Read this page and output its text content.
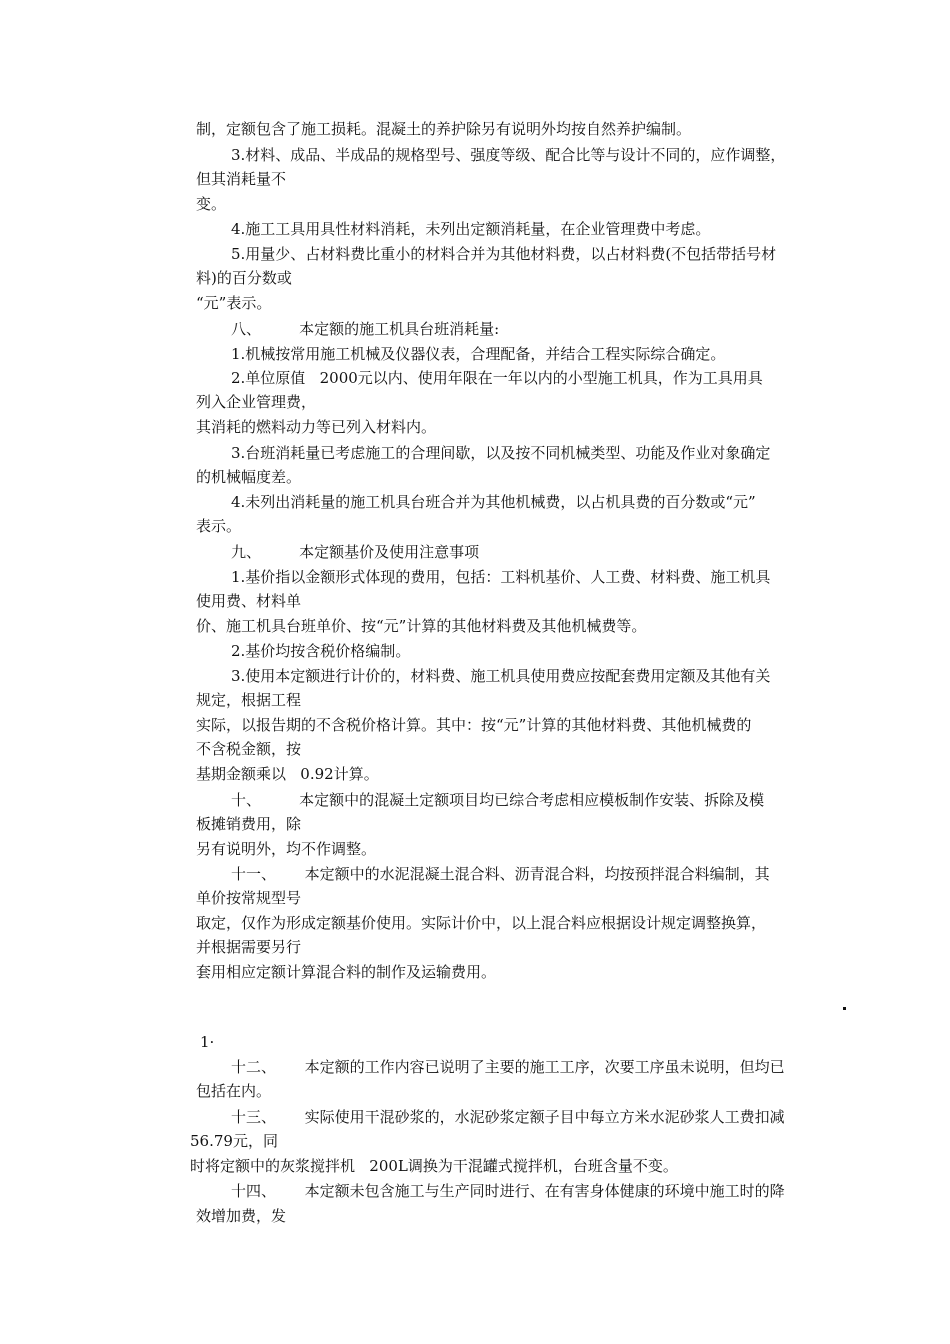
制，定额包含了施工损耗。混凝土的养护除另有说明外均按自然养护编制。
3.材料、成品、半成品的规格型号、强度等级、配合比等与设计不同的，应作调整，
但其消耗量不
变。
4.施工工具用具性材料消耗，未列出定额消耗量，在企业管理费中考虑。
5.用量少、占材料费比重小的材料合并为其他材料费，以占材料费(不包括带括号材
料)的百分数或
“元”表示。
八、        本定额的施工机具台班消耗量:
1.机械按常用施工机械及仪器仪表，合理配备，并结合工程实际综合确定。
2.单位原值   2000元以内、使用年限在一年以内的小型施工机具，作为工具用具
列入企业管理费，
其消耗的燃料动力等已列入材料内。
3.台班消耗量已考虑施工的合理间歇，以及按不同机械类型、功能及作业对象确定
的机械幅度差。
4.未列出消耗量的施工机具台班合并为其他机械费，以占机具费的百分数或“元”
表示。
九、        本定额基价及使用注意事项
1.基价指以金额形式体现的费用，包括：工料机基价、人工费、材料费、施工机具
使用费、材料单
价、施工机具台班单价、按“元”计算的其他材料费及其他机械费等。
2.基价均按含税价格编制。
3.使用本定额进行计价的，材料费、施工机具使用费应按配套费用定额及其他有关
规定，根据工程
实际，以报告期的不含税价格计算。其中：按“元”计算的其他材料费、其他机械费的
不含税金额，按
基期金额乘以   0.92计算。
十、        本定额中的混凝土定额项目均已综合考虑相应模板制作安装、拆除及模
板摊销费用，除
另有说明外，均不作调整。
十一、      本定额中的水泥混凝土混合料、沥青混合料，均按预拌混合料编制，其
单价按常规型号
取定，仅作为形成定额基价使用。实际计价中，以上混合料应根据设计规定调整换算，
并根据需要另行
套用相应定额计算混合料的制作及运输费用。
1·
十二、      本定额的工作内容已说明了主要的施工工序，次要工序虽未说明，但均已
包括在内。
十三、      实际使用干混砂浆的，水泥砂浆定额子目中每立方米水泥砂浆人工费扣减
56.79元，同
时将定额中的灰浆搅拌机   200L调换为干混罐式搅拌机，台班含量不变。
十四、      本定额未包含施工与生产同时进行、在有害身体健康的环境中施工时的降
效增加费，发
